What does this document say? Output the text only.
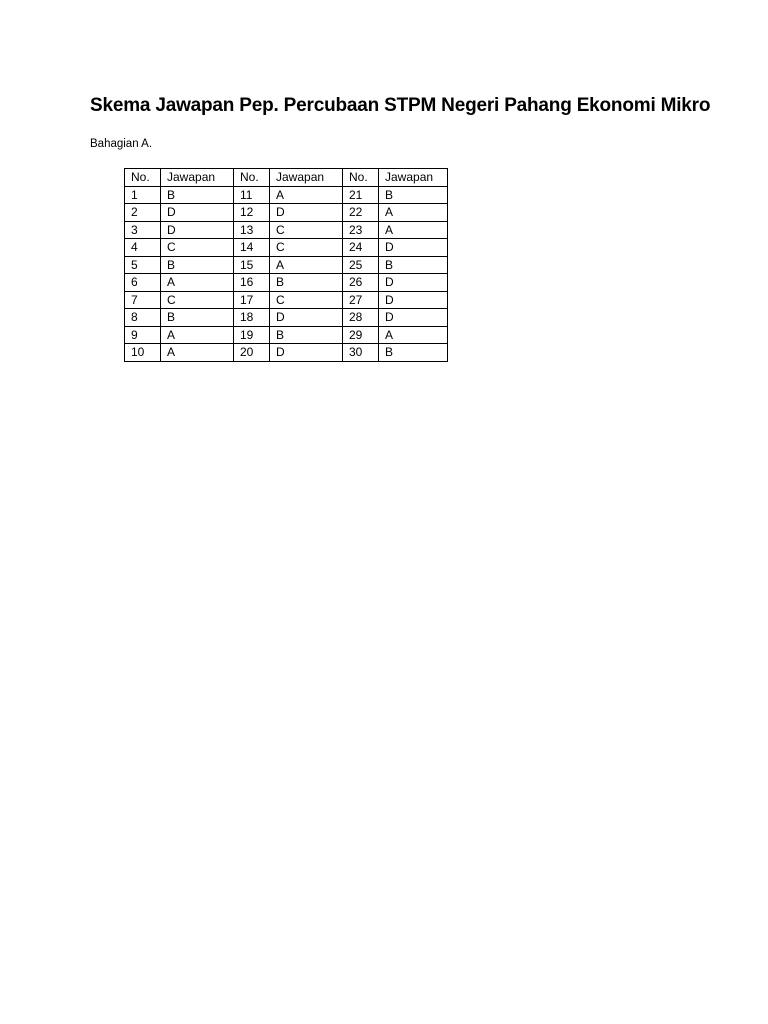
Skema Jawapan Pep. Percubaan STPM Negeri Pahang Ekonomi Mikro

Bahagian A.

No.	Jawapan	No.	Jawapan	No.	Jawapan
1	B	11	A	21	B
2	D	12	D	22	A
3	D	13	C	23	A
4	C	14	C	24	D
5	B	15	A	25	B
6	A	16	B	26	D
7	C	17	C	27	D
8	B	18	D	28	D
9	A	19	B	29	A
10	A	20	D	30	B
